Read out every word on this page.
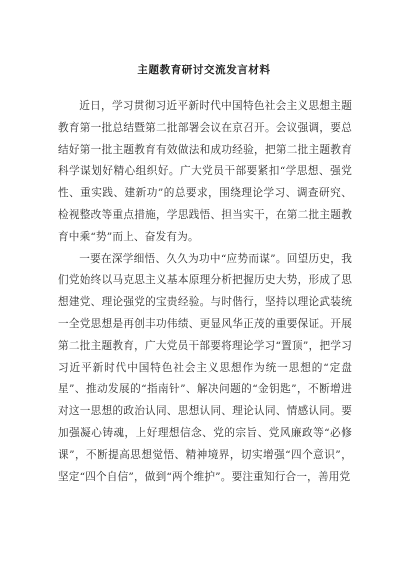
主题教育研讨交流发言材料

近日，学习贯彻习近平新时代中国特色社会主义思想主题教育第一批总结暨第二批部署会议在京召开。会议强调，要总结好第一批主题教育有效做法和成功经验，把第二批主题教育科学谋划好精心组织好。广大党员干部要紧扣“学思想、强党性、重实践、建新功”的总要求，围绕理论学习、调查研究、检视整改等重点措施，学思践悟、担当实干，在第二批主题教育中乘“势”而上、奋发有为。

一要在深学细悟、久久为功中“应势而谋”。回望历史，我们党始终以马克思主义基本原理分析把握历史大势，形成了思想建党、理论强党的宝贵经验。与时偕行，坚持以理论武装统一全党思想是再创丰功伟绩、更显风华正茂的重要保证。开展第二批主题教育，广大党员干部要将理论学习“置顶”，把学习习近平新时代中国特色社会主义思想作为统一思想的“定盘星”、推动发展的“指南针”、解决问题的“金钥匙”，不断增进对这一思想的政治认同、思想认同、理论认同、情感认同。要加强凝心铸魂，上好理想信念、党的宗旨、党风廉政等“必修课”，不断提高思想觉悟、精神境界，切实增强“四个意识”，坚定“四个自信”，做到“两个维护”。要注重知行合一，善用党
